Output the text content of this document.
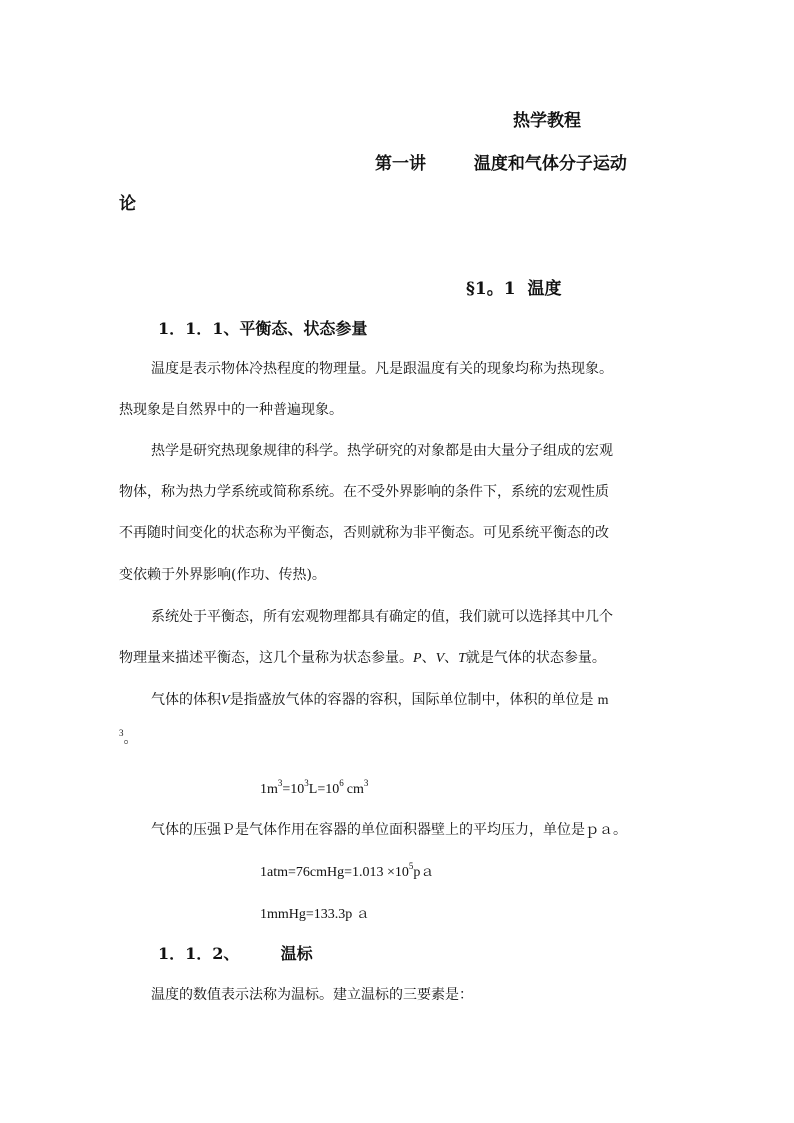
热学教程
第一讲	温度和气体分子运动
论
§1。1 温度
1．1．1、平衡态、状态参量
温度是表示物体冷热程度的物理量。凡是跟温度有关的现象均称为热现象。
热现象是自然界中的一种普遍现象。
热学是研究热现象规律的科学。热学研究的对象都是由大量分子组成的宏观
物体，称为热力学系统或简称系统。在不受外界影响的条件下，系统的宏观性质
不再随时间变化的状态称为平衡态，否则就称为非平衡态。可见系统平衡态的改
变依赖于外界影响(作功、传热)。
系统处于平衡态，所有宏观物理都具有确定的值，我们就可以选择其中几个
物理量来描述平衡态，这几个量称为状态参量。P、V、T就是气体的状态参量。
气体的体积V是指盛放气体的容器的容积，国际单位制中，体积的单位是 m
$^3$。
$1m^3=10^3L=10^6$ $cm^3$
气体的压强Ｐ是气体作用在容器的单位面积器壁上的平均压力，单位是ｐａ。
1atm=76cmHg=1.013 $\times 10^5pa$
1mmHg=133.3p ａ
1．1．2、	温标
温度的数值表示法称为温标。建立温标的三要素是：
